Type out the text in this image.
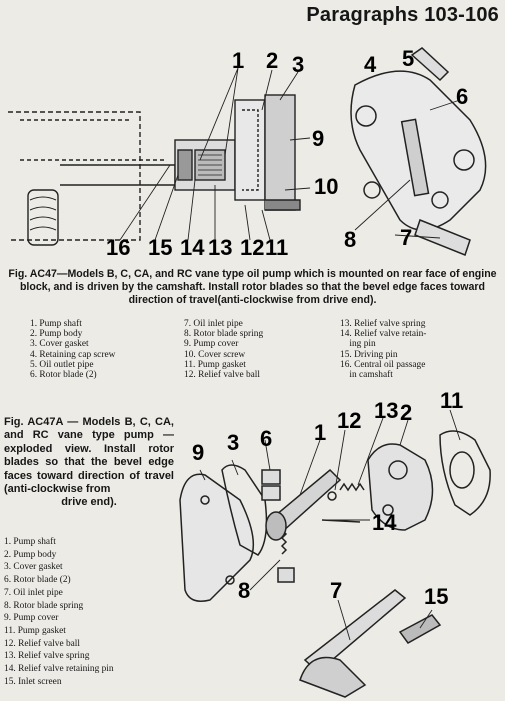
Paragraphs 103-106
1 2 3	4 5
6
7
8
9
10
11
12
13
14
15
16
Fig. AC47—Models B, C, CA, and RC vane type oil pump which is mounted on rear face of engine block, and is driven by the camshaft. Install rotor blades so that the bevel edge faces toward direction of travel(anti-clockwise from drive end).
1. Pump shaft
2. Pump body
3. Cover gasket
4. Retaining cap screw
5. Oil outlet pipe
6. Rotor blade (2)
7. Oil inlet pipe
8. Rotor blade spring
9. Pump cover
10. Cover screw
11. Pump gasket
12. Relief valve ball
13. Relief valve spring
14. Relief valve retain-
ing pin
15. Driving pin
16. Central oil passage
in camshaft
Fig. AC47A — Models B, C, CA, and RC vane type pump —exploded view. Install rotor blades so that the bevel edge faces toward direction of travel (anti-clockwise from
drive end).
1
2
3 6
7
8
9
11
12 13
14
15
1. Pump shaft
2. Pump body
3. Cover gasket
6. Rotor blade (2)
7. Oil inlet pipe
8. Rotor blade spring
9. Pump cover
11. Pump gasket
12. Relief valve ball
13. Relief valve spring
14. Relief valve retaining pin
15. Inlet screen
